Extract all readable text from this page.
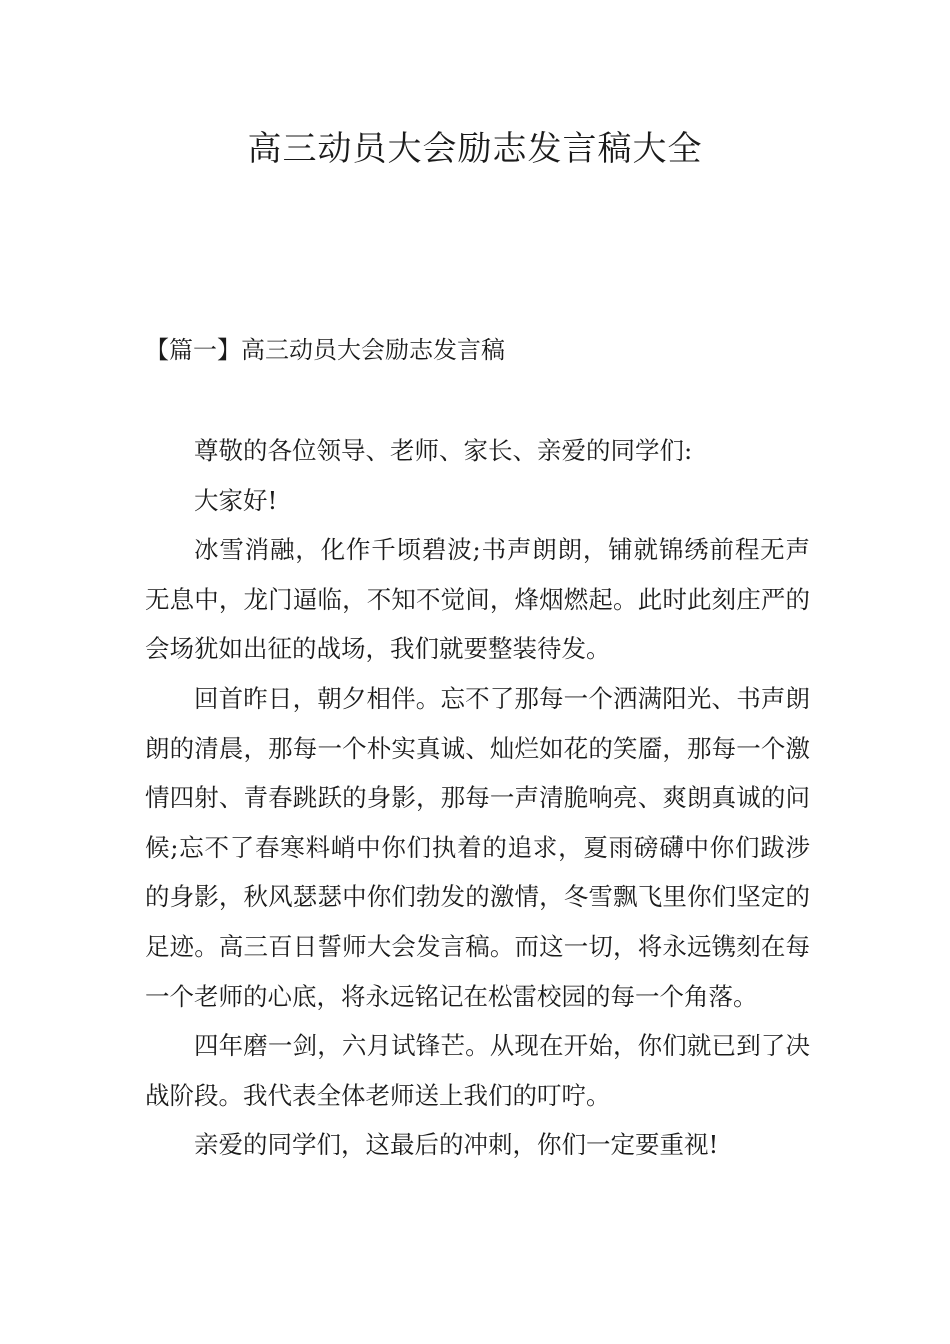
高三动员大会励志发言稿大全
【篇一】高三动员大会励志发言稿

尊敬的各位领导、老师、家长、亲爱的同学们:

大家好!

冰雪消融，化作千顷碧波;书声朗朗，铺就锦绣前程无声无息中，龙门逼临，不知不觉间，烽烟燃起。此时此刻庄严的会场犹如出征的战场，我们就要整装待发。

回首昨日，朝夕相伴。忘不了那每一个洒满阳光、书声朗朗的清晨，那每一个朴实真诚、灿烂如花的笑靥，那每一个激情四射、青春跳跃的身影，那每一声清脆响亮、爽朗真诚的问候;忘不了春寒料峭中你们执着的追求，夏雨磅礴中你们跋涉的身影，秋风瑟瑟中你们勃发的激情，冬雪飘飞里你们坚定的足迹。高三百日誓师大会发言稿。而这一切，将永远镌刻在每一个老师的心底，将永远铭记在松雷校园的每一个角落。

四年磨一剑，六月试锋芒。从现在开始，你们就已到了决战阶段。我代表全体老师送上我们的叮咛。

亲爱的同学们，这最后的冲刺，你们一定要重视!
